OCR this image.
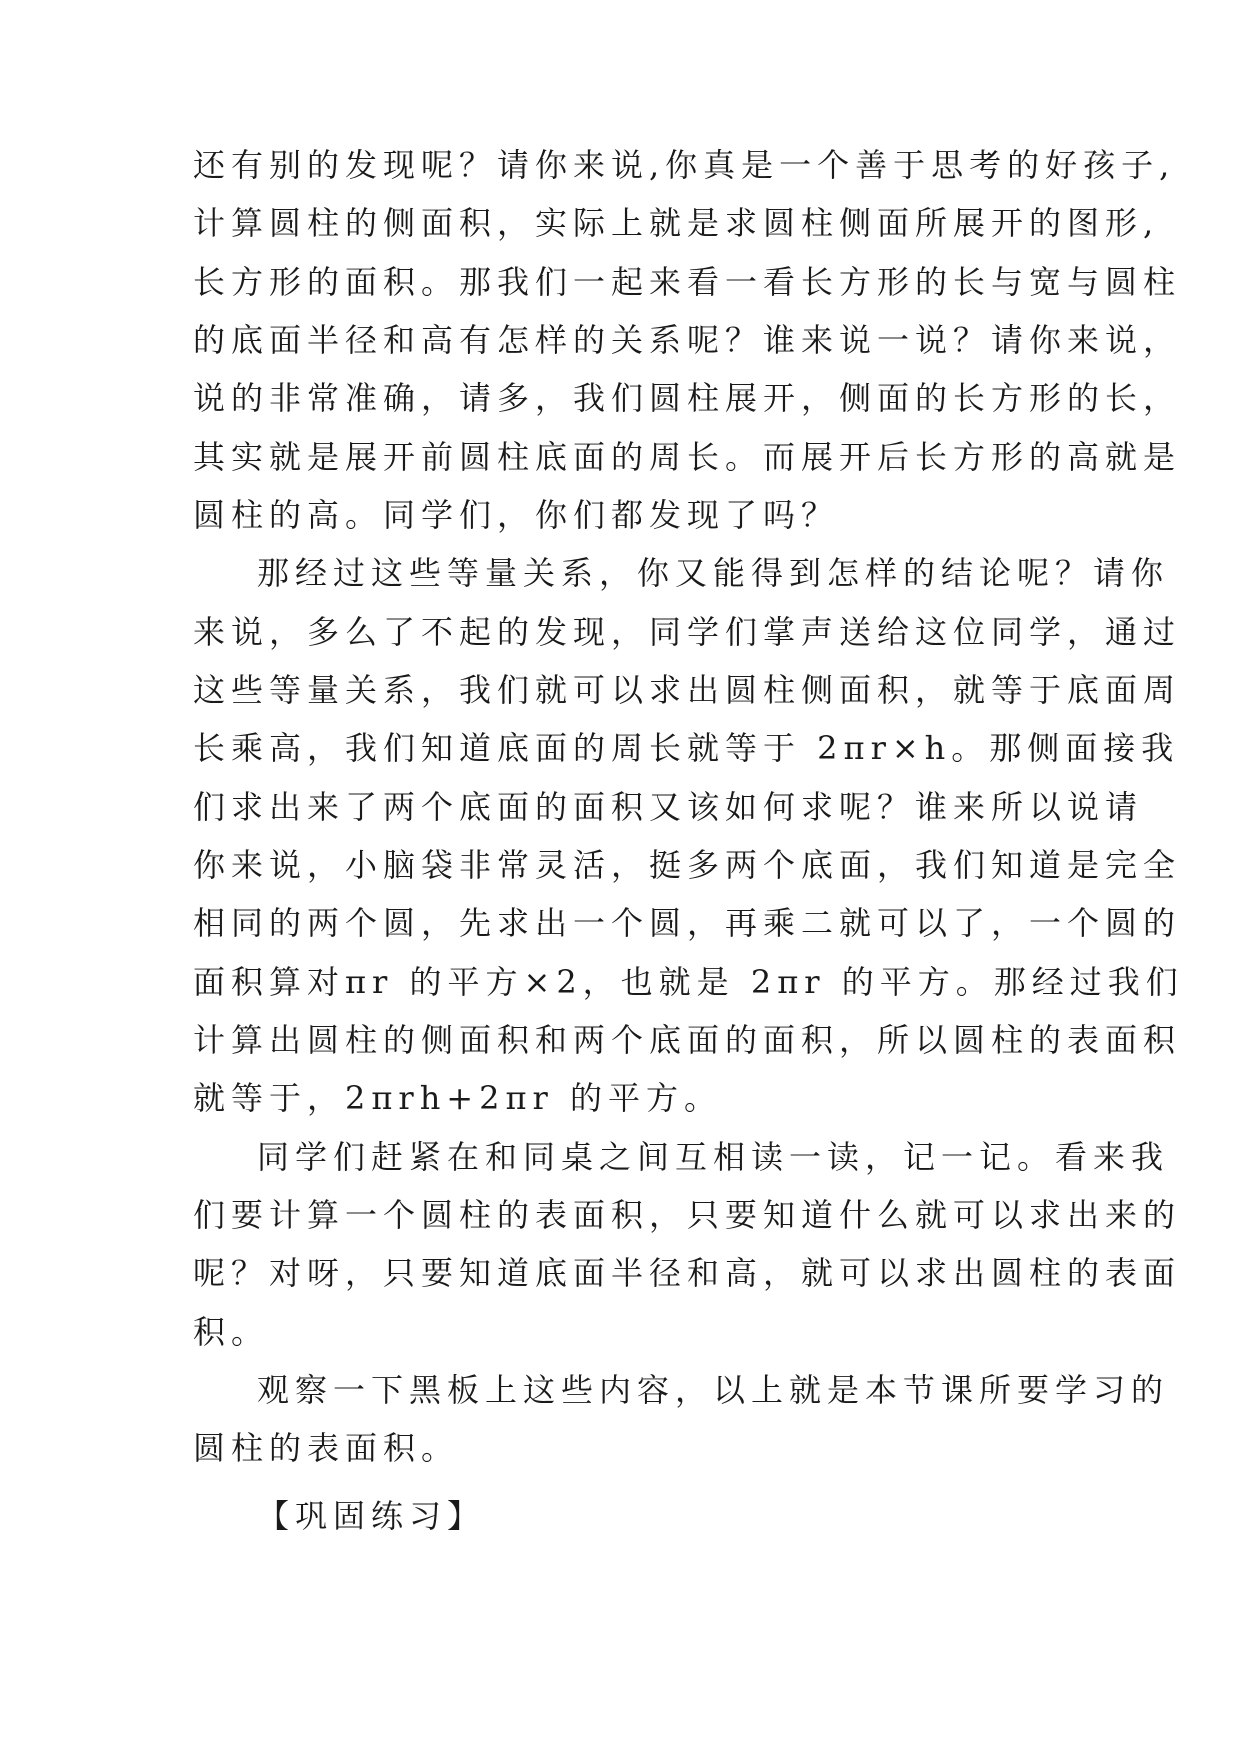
还有别的发现呢？请你来说,你真是一个善于思考的好孩子,
计算圆柱的侧面积，实际上就是求圆柱侧面所展开的图形,
长方形的面积。那我们一起来看一看长方形的长与宽与圆柱
的底面半径和高有怎样的关系呢？谁来说一说？请你来说，
说的非常准确，请多，我们圆柱展开，侧面的长方形的长，
其实就是展开前圆柱底面的周长。而展开后长方形的高就是
圆柱的高。同学们，你们都发现了吗？
那经过这些等量关系，你又能得到怎样的结论呢？请你
来说，多么了不起的发现，同学们掌声送给这位同学，通过
这些等量关系，我们就可以求出圆柱侧面积，就等于底面周
长乘高，我们知道底面的周长就等于 2πr×h。那侧面接我
们求出来了两个底面的面积又该如何求呢？谁来所以说请
你来说，小脑袋非常灵活，挺多两个底面，我们知道是完全
相同的两个圆，先求出一个圆，再乘二就可以了，一个圆的
面积算对πr 的平方×2，也就是 2πr 的平方。那经过我们
计算出圆柱的侧面积和两个底面的面积，所以圆柱的表面积
就等于，2πrh+2πr 的平方。
同学们赶紧在和同桌之间互相读一读，记一记。看来我
们要计算一个圆柱的表面积，只要知道什么就可以求出来的
呢？对呀，只要知道底面半径和高，就可以求出圆柱的表面
积。
观察一下黑板上这些内容，以上就是本节课所要学习的
圆柱的表面积。
【巩固练习】
